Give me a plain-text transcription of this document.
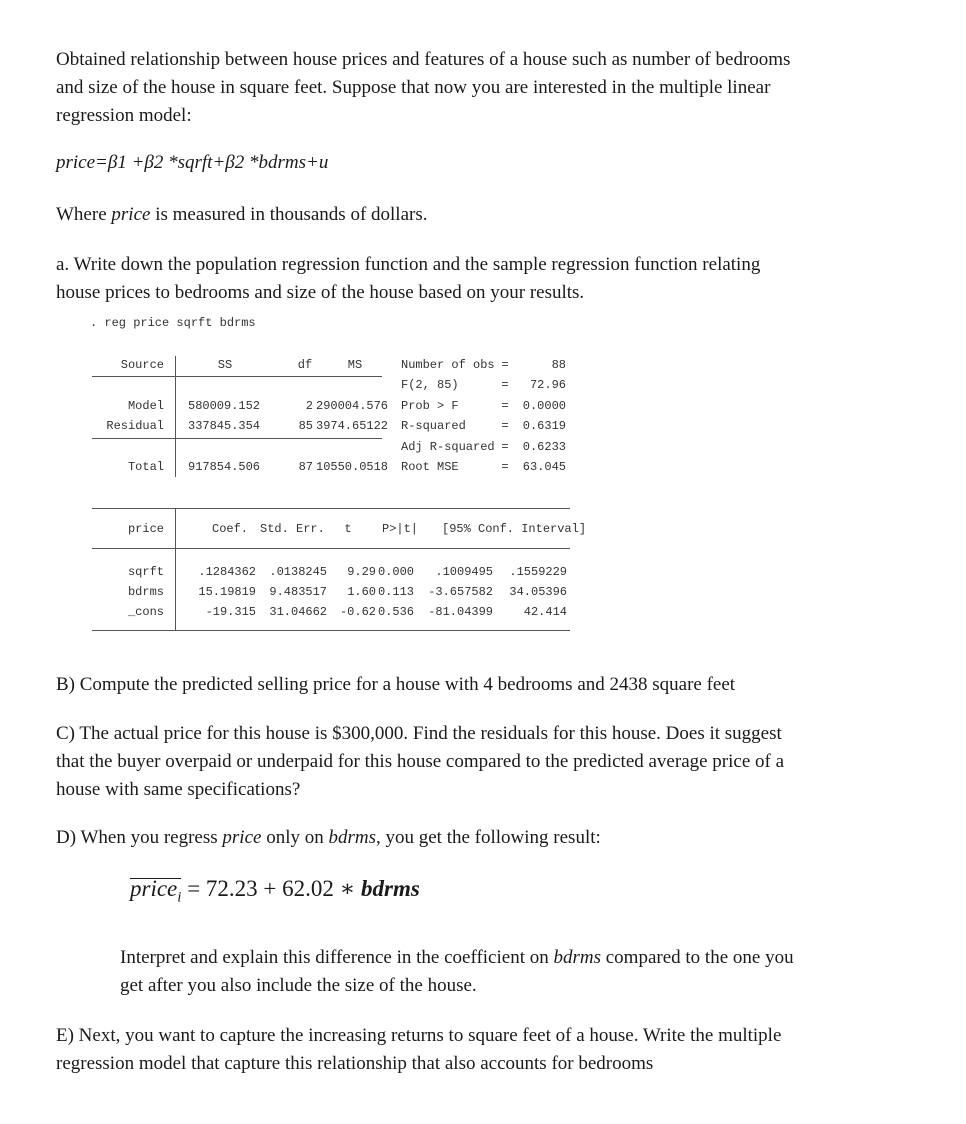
Obtained relationship between house prices and features of a house such as number of bedrooms
and size of the house in square feet. Suppose that now you are interested in the multiple linear
regression model:
price=β1 +β2 *sqrft+β2 *bdrms+u
Where price is measured in thousands of dollars.
a. Write down the population regression function and the sample regression function relating
house prices to bedrooms and size of the house based on your results.
. reg price sqrft bdrms
Source	SS	df	MS
Model 580009.152	2 290004.576
Residual 337845.354	85 3974.65122
Total 917854.506	87 10550.0518
Number of obs =	88
F(2, 85)	=	72.96
Prob > F	=	0.0000
R-squared	=	0.6319
Adj R-squared =	0.6233
Root MSE	=	63.045
price	Coef. Std. Err.	t	P>|t| [95% Conf. Interval]
sqrft	.1284362	.0138245	9.29 0.000	.1009495	.1559229
bdrms	15.19819	9.483517	1.60 0.113	-3.657582	34.05396
_cons	-19.315	31.04662	-0.62 0.536	-81.04399	42.414
B) Compute the predicted selling price for a house with 4 bedrooms and 2438 square feet
C) The actual price for this house is $300,000. Find the residuals for this house. Does it suggest
that the buyer overpaid or underpaid for this house compared to the predicted average price of a
house with same specifications?
D) When you regress price only on bdrms, you get the following result:
price$_i$ = 72.23 + 62.02 ∗ bdrms
Interpret and explain this difference in the coefficient on bdrms compared to the one you
get after you also include the size of the house.
E) Next, you want to capture the increasing returns to square feet of a house. Write the multiple
regression model that capture this relationship that also accounts for bedrooms
